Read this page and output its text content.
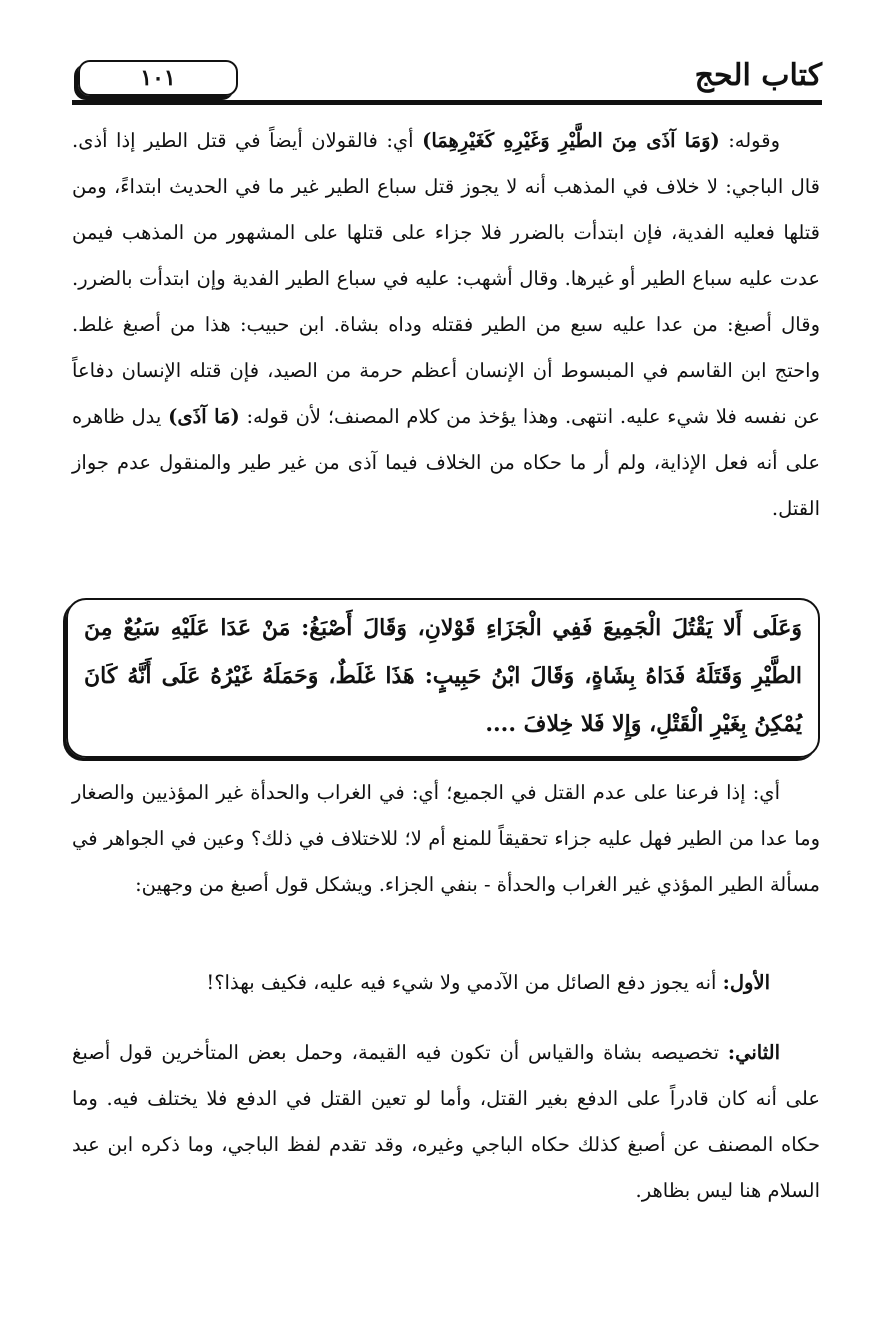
١٠١	كتاب الحج
وقوله: (وَمَا آذَى مِنَ الطَّيْرِ وَغَيْرِهِ كَغَيْرِهِمَا) أي: فالقولان أيضاً في قتل الطير إذا أذى. قال الباجي: لا خلاف في المذهب أنه لا يجوز قتل سباع الطير غير ما في الحديث ابتداءً، ومن قتلها فعليه الفدية، فإن ابتدأت بالضرر فلا جزاء على قتلها على المشهور من المذهب فيمن عدت عليه سباع الطير أو غيرها. وقال أشهب: عليه في سباع الطير الفدية وإن ابتدأت بالضرر. وقال أصبغ: من عدا عليه سبع من الطير فقتله وداه بشاة. ابن حبيب: هذا من أصبغ غلط. واحتج ابن القاسم في المبسوط أن الإنسان أعظم حرمة من الصيد، فإن قتله الإنسان دفاعاً عن نفسه فلا شيء عليه. انتهى. وهذا يؤخذ من كلام المصنف؛ لأن قوله: (مَا آذَى) يدل ظاهره على أنه فعل الإذاية، ولم أر ما حكاه من الخلاف فيما آذى من غير طير والمنقول عدم جواز القتل.
وَعَلَى أَلا يَقْتُلَ الْجَمِيعَ فَفِي الْجَزَاءِ قَوْلانِ، وَقَالَ أَصْبَغُ: مَنْ عَدَا عَلَيْهِ سَبُعٌ مِنَ الطَّيْرِ وَقَتَلَهُ فَدَاهُ بِشَاةٍ، وَقَالَ ابْنُ حَبِيبٍ: هَذَا غَلَطٌ، وَحَمَلَهُ غَيْرُهُ عَلَى أَنَّهُ كَانَ يُمْكِنُ بِغَيْرِ الْقَتْلِ، وَإِلا فَلا خِلافَ ....
أي: إذا فرعنا على عدم القتل في الجميع؛ أي: في الغراب والحدأة غير المؤذيين والصغار وما عدا من الطير فهل عليه جزاء تحقيقاً للمنع أم لا؛ للاختلاف في ذلك؟ وعين في الجواهر في مسألة الطير المؤذي غير الغراب والحدأة - بنفي الجزاء. ويشكل قول أصبغ من وجهين:
الأول: أنه يجوز دفع الصائل من الآدمي ولا شيء فيه عليه، فكيف بهذا؟!
الثاني: تخصيصه بشاة والقياس أن تكون فيه القيمة، وحمل بعض المتأخرين قول أصبغ على أنه كان قادراً على الدفع بغير القتل، وأما لو تعين القتل في الدفع فلا يختلف فيه. وما حكاه المصنف عن أصبغ كذلك حكاه الباجي وغيره، وقد تقدم لفظ الباجي، وما ذكره ابن عبد السلام هنا ليس بظاهر.
